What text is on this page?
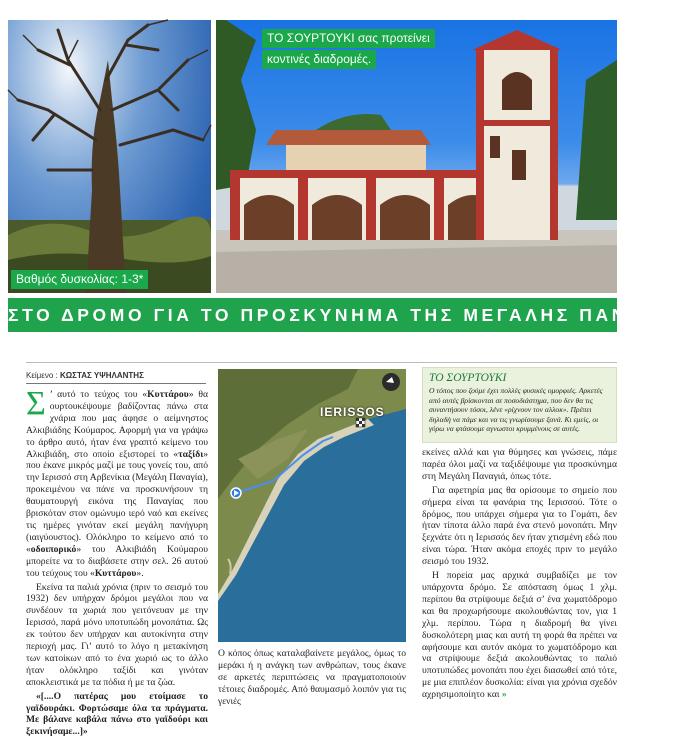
Βαθμός δυσκολίας: 1-3*
ΤΟ ΣΟΥΡΤΟΥΚΙ σας προτείνει
κοντινές διαδρομές.
ΣΤΟ ΔΡΟΜΟ ΓΙΑ ΤΟ ΠΡΟΣΚΥΝΗΜΑ ΤΗΣ ΜΕΓΑΛΗΣ ΠΑΝΑΓΙΑΣ
Κείμενο : ΚΩΣΤΑΣ ΥΨΗΛΑΝΤΗΣ

Σ ’ αυτό το τεύχος του «Κυττάρου» θα ουρτουκέψουμε βαδίζοντας πάνω στα χνάρια που μας άφησε ο αείμνηστος Αλκιβιάδης Κούμαρος. Αφορμή για να γράψω το άρθρο αυτό, ήταν ένα γραπτό κείμενο του Αλκιβιάδη, στο οποίο εξιστορεί το «ταξίδι» που έκανε μικρός μαζί με τους γονείς του, από την Ιερισσό στη Αρβενίκια (Μεγάλη Παναγία), προκειμένου να πάνε να προσκυνήσουν τη θαυματουργή εικόνα της Παναγίας που βρισκόταν στον ομώνυμο ιερό ναό και εκείνες τις ημέρες γινόταν εκεί μεγάλη πανήγυρη (ιαιγύουστος). Ολόκληρο το κείμενο από το «οδοιπορικό» του Αλκιβιάδη Κούμαρου μπορείτε να το διαβάσετε στην σελ. 26 αυτού του τεύχους του «Κυττάρου».

Εκείνα τα παλιά χρόνια (πριν το σεισμό του 1932) δεν υπήρχαν δρόμοι μεγάλοι που να συνδέουν τα χωριά που γειτόνευαν με την Ιερισσό, παρά μόνο υποτυπώδη μονοπάτια. Ως εκ τούτου δεν υπήρχαν και αυτοκίνητα στην περιοχή μας. Γι’ αυτό το λόγο η μετακίνηση των κατοίκων από το ένα χωριό ως το άλλο ήταν ολόκληρο ταξίδι και γινόταν αποκλειστικά με τα πόδια ή με τα ζώα.

«[....Ο πατέρας μου ετοίμασε το γαϊδουράκι. Φορτώσαμε όλα τα πράγματα. Με βάλανε καβάλα πάνω στο γαϊδούρι και ξεκινήσαμε...]»

IERISSOS
Ο κόπος όπως καταλαβαίνετε μεγάλος, όμως το μεράκι ή η ανάγκη των ανθρώπων, τους έκανε σε αρκετές περιπτώσεις να πραγματοποιούν τέτοιες διαδρομές. Από θαυμασμό λοιπόν για τις γενιές
ΤΟ ΣΟΥΡΤΟΥΚΙ
Ο τόπος που ζούμε έχει πολλές φυσικές ομορφιές. Αρκετές από αυτές βρίσκονται σε ποσοδιάστημα, που δεν θα τις συναντήσουν τόσοι, λένε «ρίχνουν τον αλλοκ». Πρέπει δηλαδή να πάμε και να τις γνωρίσουμε ξανά. Κι εμείς, οι γύρω να φτάσουμε αγνωστοι κρυμμένους σε αυτές.

εκείνες αλλά και για θύμησες και γνώσεις, πάμε παρέα όλοι μαζί να ταξιδέψουμε για προσκύνημα στη Μεγάλη Παναγιά, όπως τότε.

Για αφετηρία μας θα ορίσουμε το σημείο που σήμερα είναι τα φανάρια της Ιερισσού. Τότε ο δρόμος, που υπάρχει σήμερα για το Γομάτι, δεν ήταν τίποτα άλλο παρά ένα στενό μονοπάτι. Μην ξεχνάτε ότι η Ιερισσός δεν ήταν χτισμένη εδώ που είναι τώρα. Ήταν ακόμα εποχές πριν το μεγάλο σεισμό του 1932.

Η πορεία μας αρχικά συμβαδίζει με τον υπάρχοντα δρόμο. Σε απόσταση όμως 1 χλμ. περίπου θα στρίψουμε δεξιά σ’ ένα χωματόδρομο και θα προχωρήσουμε ακολουθώντας τον, για 1 χλμ. περίπου. Τώρα η διαδρομή θα γίνει δυσκολότερη μιας και αυτή τη φορά θα πρέπει να αφήσουμε και αυτόν ακόμα το χωματόδρομο και να στρίψουμε δεξιά ακολουθώντας το παλιό υποτυπώδες μονοπάτι που έχει διασωθεί από τότε, με μια επιπλέον δυσκολία: είναι για χρόνια σχεδόν αχρησιμοποίητο και »
